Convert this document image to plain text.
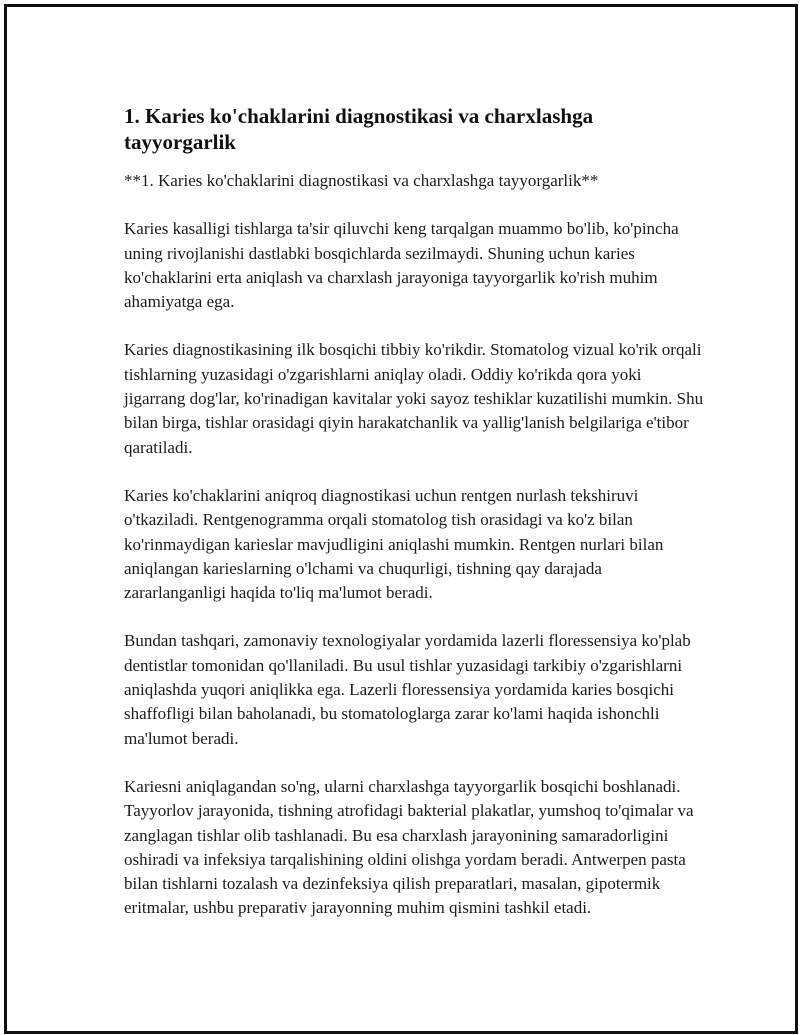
1. Karies ko'chaklarini diagnostikasi va charxlashga tayyorgarlik

**1. Karies ko'chaklarini diagnostikasi va charxlashga tayyorgarlik**

Karies kasalligi tishlarga ta'sir qiluvchi keng tarqalgan muammo bo'lib, ko'pincha uning rivojlanishi dastlabki bosqichlarda sezilmaydi. Shuning uchun karies ko'chaklarini erta aniqlash va charxlash jarayoniga tayyorgarlik ko'rish muhim ahamiyatga ega.

Karies diagnostikasining ilk bosqichi tibbiy ko'rikdir. Stomatolog vizual ko'rik orqali tishlarning yuzasidagi o'zgarishlarni aniqlay oladi. Oddiy ko'rikda qora yoki jigarrang dog'lar, ko'rinadigan kavitalar yoki sayoz teshiklar kuzatilishi mumkin. Shu bilan birga, tishlar orasidagi qiyin harakatchanlik va yallig'lanish belgilariga e'tibor qaratiladi.

Karies ko'chaklarini aniqroq diagnostikasi uchun rentgen nurlash tekshiruvi o'tkaziladi. Rentgenogramma orqali stomatolog tish orasidagi va ko'z bilan ko'rinmaydigan karieslar mavjudligini aniqlashi mumkin. Rentgen nurlari bilan aniqlangan karieslarning o'lchami va chuqurligi, tishning qay darajada zararlanganligi haqida to'liq ma'lumot beradi.

Bundan tashqari, zamonaviy texnologiyalar yordamida lazerli floressensiya ko'plab dentistlar tomonidan qo'llaniladi. Bu usul tishlar yuzasidagi tarkibiy o'zgarishlarni aniqlashda yuqori aniqlikka ega. Lazerli floressensiya yordamida karies bosqichi shaffofligi bilan baholanadi, bu stomatologlarga zarar ko'lami haqida ishonchli ma'lumot beradi.

Kariesni aniqlagandan so'ng, ularni charxlashga tayyorgarlik bosqichi boshlanadi. Tayyorlov jarayonida, tishning atrofidagi bakterial plakatlar, yumshoq to'qimalar va zanglagan tishlar olib tashlanadi. Bu esa charxlash jarayonining samaradorligini oshiradi va infeksiya tarqalishining oldini olishga yordam beradi. Antwerpen pasta bilan tishlarni tozalash va dezinfeksiya qilish preparatlari, masalan, gipotermik eritmalar, ushbu preparativ jarayonning muhim qismini tashkil etadi.
